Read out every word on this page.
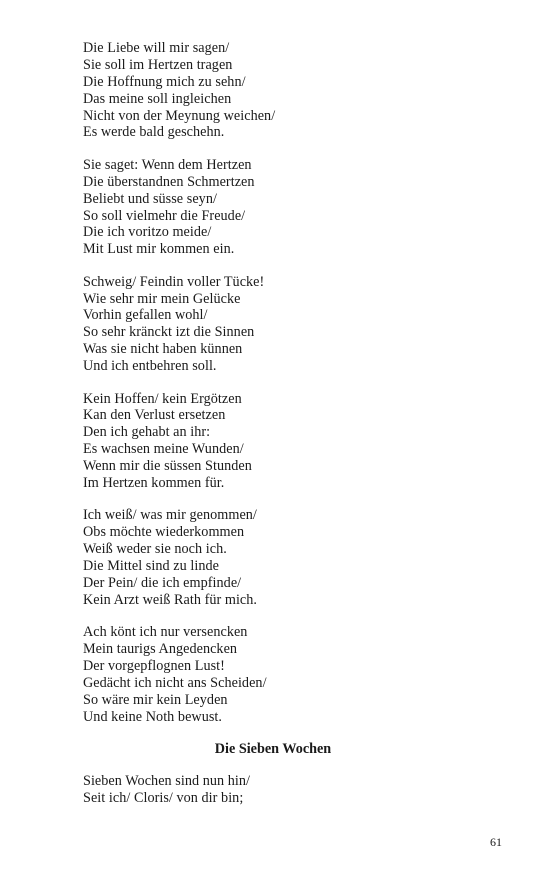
Die Liebe will mir sagen/
Sie soll im Hertzen tragen
Die Hoffnung mich zu sehn/
Das meine soll ingleichen
Nicht von der Meynung weichen/
Es werde bald geschehn.
Sie saget: Wenn dem Hertzen
Die überstandnen Schmertzen
Beliebt und süsse seyn/
So soll vielmehr die Freude/
Die ich voritzo meide/
Mit Lust mir kommen ein.
Schweig/ Feindin voller Tücke!
Wie sehr mir mein Gelücke
Vorhin gefallen wohl/
So sehr kränckt izt die Sinnen
Was sie nicht haben künnen
Und ich entbehren soll.
Kein Hoffen/ kein Ergötzen
Kan den Verlust ersetzen
Den ich gehabt an ihr:
Es wachsen meine Wunden/
Wenn mir die süssen Stunden
Im Hertzen kommen für.
Ich weiß/ was mir genommen/
Obs möchte wiederkommen
Weiß weder sie noch ich.
Die Mittel sind zu linde
Der Pein/ die ich empfinde/
Kein Arzt weiß Rath für mich.
Ach könt ich nur versencken
Mein taurigs Angedencken
Der vorgepflognen Lust!
Gedächt ich nicht ans Scheiden/
So wäre mir kein Leyden
Und keine Noth bewust.
Die Sieben Wochen
Sieben Wochen sind nun hin/
Seit ich/ Cloris/ von dir bin;
61
